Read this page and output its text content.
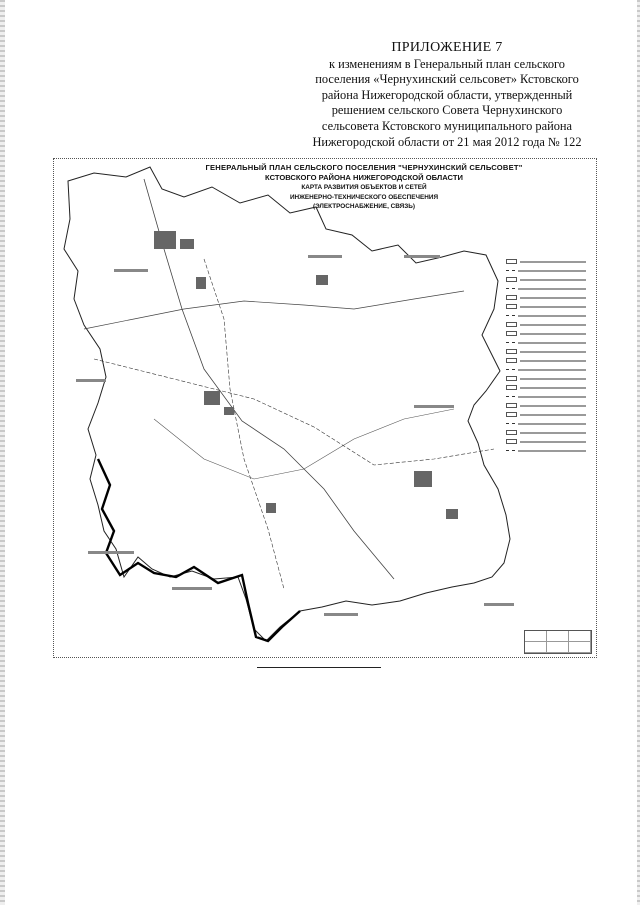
ПРИЛОЖЕНИЕ 7
к изменениям в Генеральный план сельского
поселения «Чернухинский сельсовет» Кстовского
района Нижегородской области, утвержденный
решением сельского Совета Чернухинского
сельсовета Кстовского муниципального района
Нижегородской области от 21 мая 2012 года № 122
ГЕНЕРАЛЬНЫЙ ПЛАН СЕЛЬСКОГО ПОСЕЛЕНИЯ "ЧЕРНУХИНСКИЙ СЕЛЬСОВЕТ"
КСТОВСКОГО РАЙОНА НИЖЕГОРОДСКОЙ ОБЛАСТИ
КАРТА РАЗВИТИЯ ОБЪЕКТОВ И СЕТЕЙ
ИНЖЕНЕРНО-ТЕХНИЧЕСКОГО ОБЕСПЕЧЕНИЯ
(ЭЛЕКТРОСНАБЖЕНИЕ, СВЯЗЬ)
